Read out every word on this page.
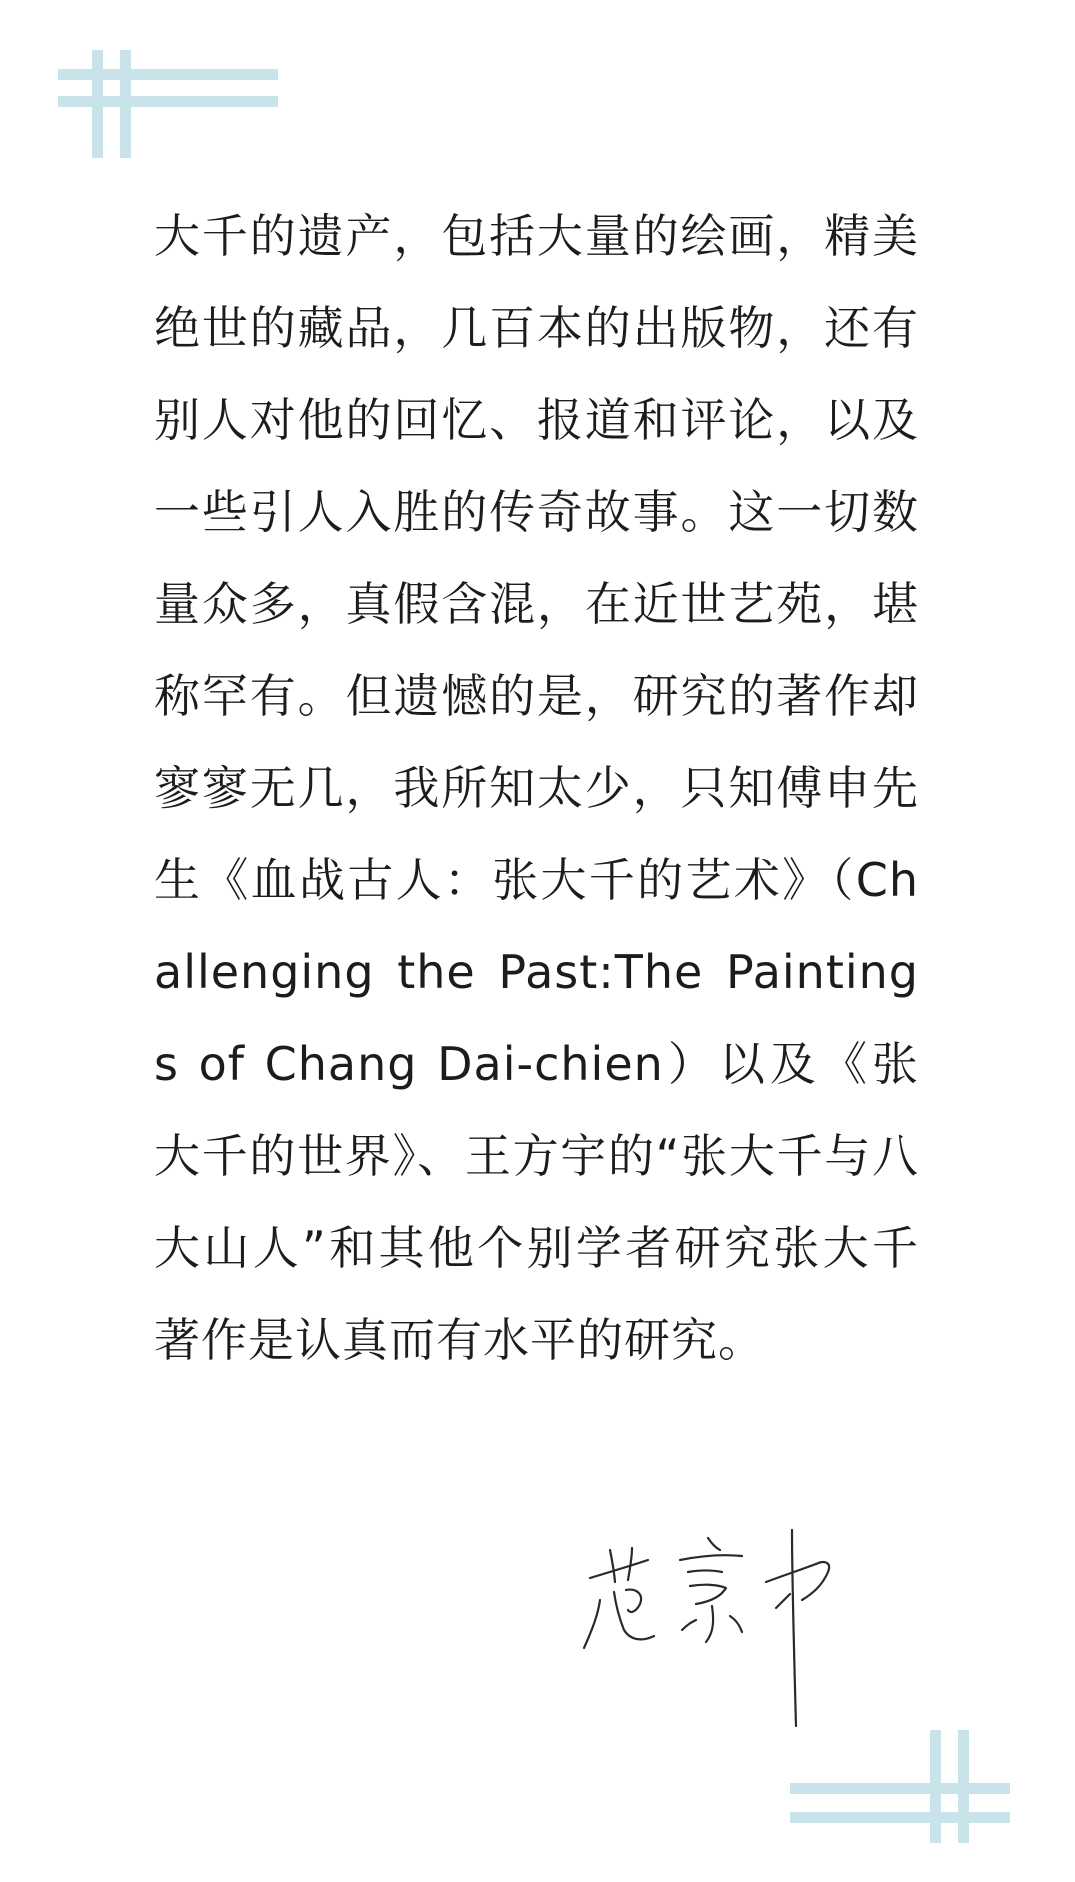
大千的遗产，包括大量的绘画，精美绝世的藏品，几百本的出版物，还有别人对他的回忆、报道和评论，以及一些引人入胜的传奇故事。这一切数量众多，真假含混，在近世艺苑，堪称罕有。但遗憾的是，研究的著作却寥寥无几，我所知太少，只知傅申先生《血战古人：张大千的艺术》（Challenging the Past:The Paintings of Chang Dai-chien）以及《张大千的世界》、王方宇的“张大千与八大山人”和其他个别学者研究张大千著作是认真而有水平的研究。
